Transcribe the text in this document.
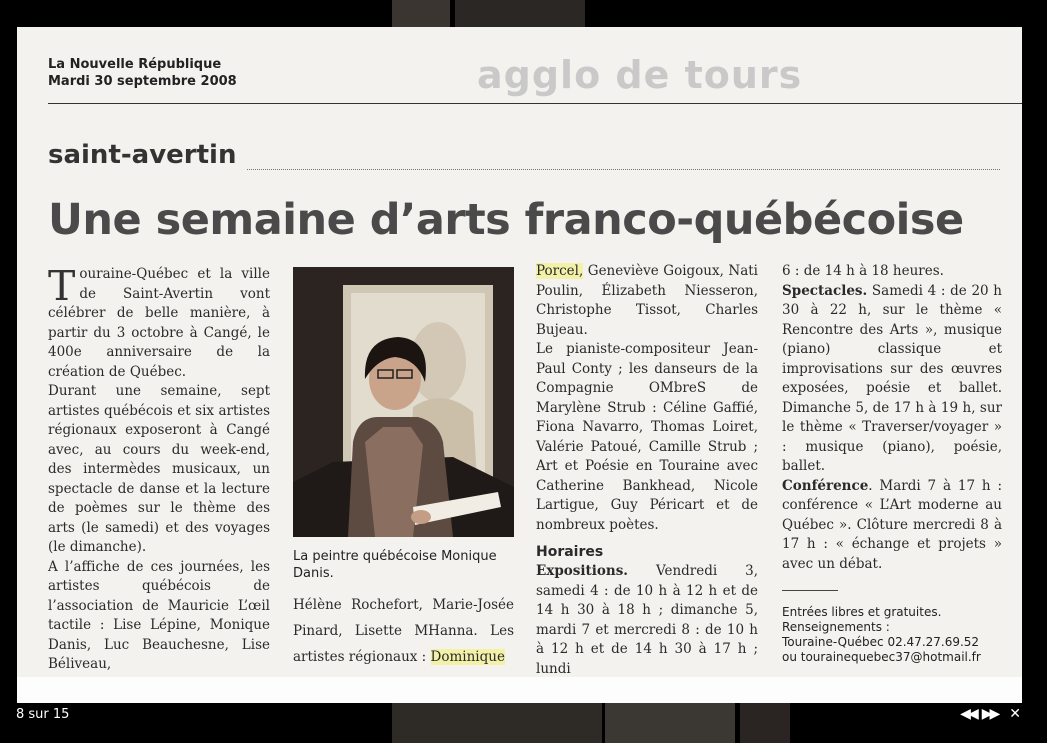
La Nouvelle République
Mardi 30 septembre 2008	agglo de tours
saint-avertin
Une semaine d’arts franco-québécoise

Touraine-Québec et la ville de Saint-Avertin vont célébrer de belle manière, à partir du 3 octobre à Cangé, le 400e anniversaire de la création de Québec.

Durant une semaine, sept artistes québécois et six artistes régionaux exposeront à Cangé avec, au cours du week-end, des intermèdes musicaux, un spectacle de danse et la lecture de poèmes sur le thème des arts (le samedi) et des voyages (le dimanche).

A l’affiche de ces journées, les artistes québécois de l’association de Mauricie L’œil tactile : Lise Lépine, Monique Danis, Luc Beauchesne, Lise Béliveau,

La peintre québécoise Monique Danis.
Hélène Rochefort, Marie-Josée Pinard, Lisette MHanna. Les artistes régionaux : Dominique

Porcel, Geneviève Goigoux, Nati Poulin, Élizabeth Niesseron, Christophe Tissot, Charles Bujeau.

Le pianiste-compositeur Jean-Paul Conty ; les danseurs de la Compagnie OMbreS de Marylène Strub : Céline Gaffié, Fiona Navarro, Thomas Loiret, Valérie Patoué, Camille Strub ; Art et Poésie en Touraine avec Catherine Bankhead, Nicole Lartigue, Guy Péricart et de nombreux poètes.

Horaires

Expositions. Vendredi 3, samedi 4 : de 10 h à 12 h et de 14 h 30 à 18 h ; dimanche 5, mardi 7 et mercredi 8 : de 10 h à 12 h et de 14 h 30 à 17 h ; lundi

6 : de 14 h à 18 heures.

Spectacles. Samedi 4 : de 20 h 30 à 22 h, sur le thème « Rencontre des Arts », musique (piano) classique et improvisations sur des œuvres exposées, poésie et ballet. Dimanche 5, de 17 h à 19 h, sur le thème « Traverser/voyager » : musique (piano), poésie, ballet.

Conférence. Mardi 7 à 17 h : conférence « L’Art moderne au Québec ». Clôture mercredi 8 à 17 h : « échange et projets » avec un débat.

Entrées libres et gratuites.
Renseignements :
Touraine-Québec 02.47.27.69.52
ou tourainequebec37@hotmail.fr
8 sur 15	◀◀ ▶▶ ✕
